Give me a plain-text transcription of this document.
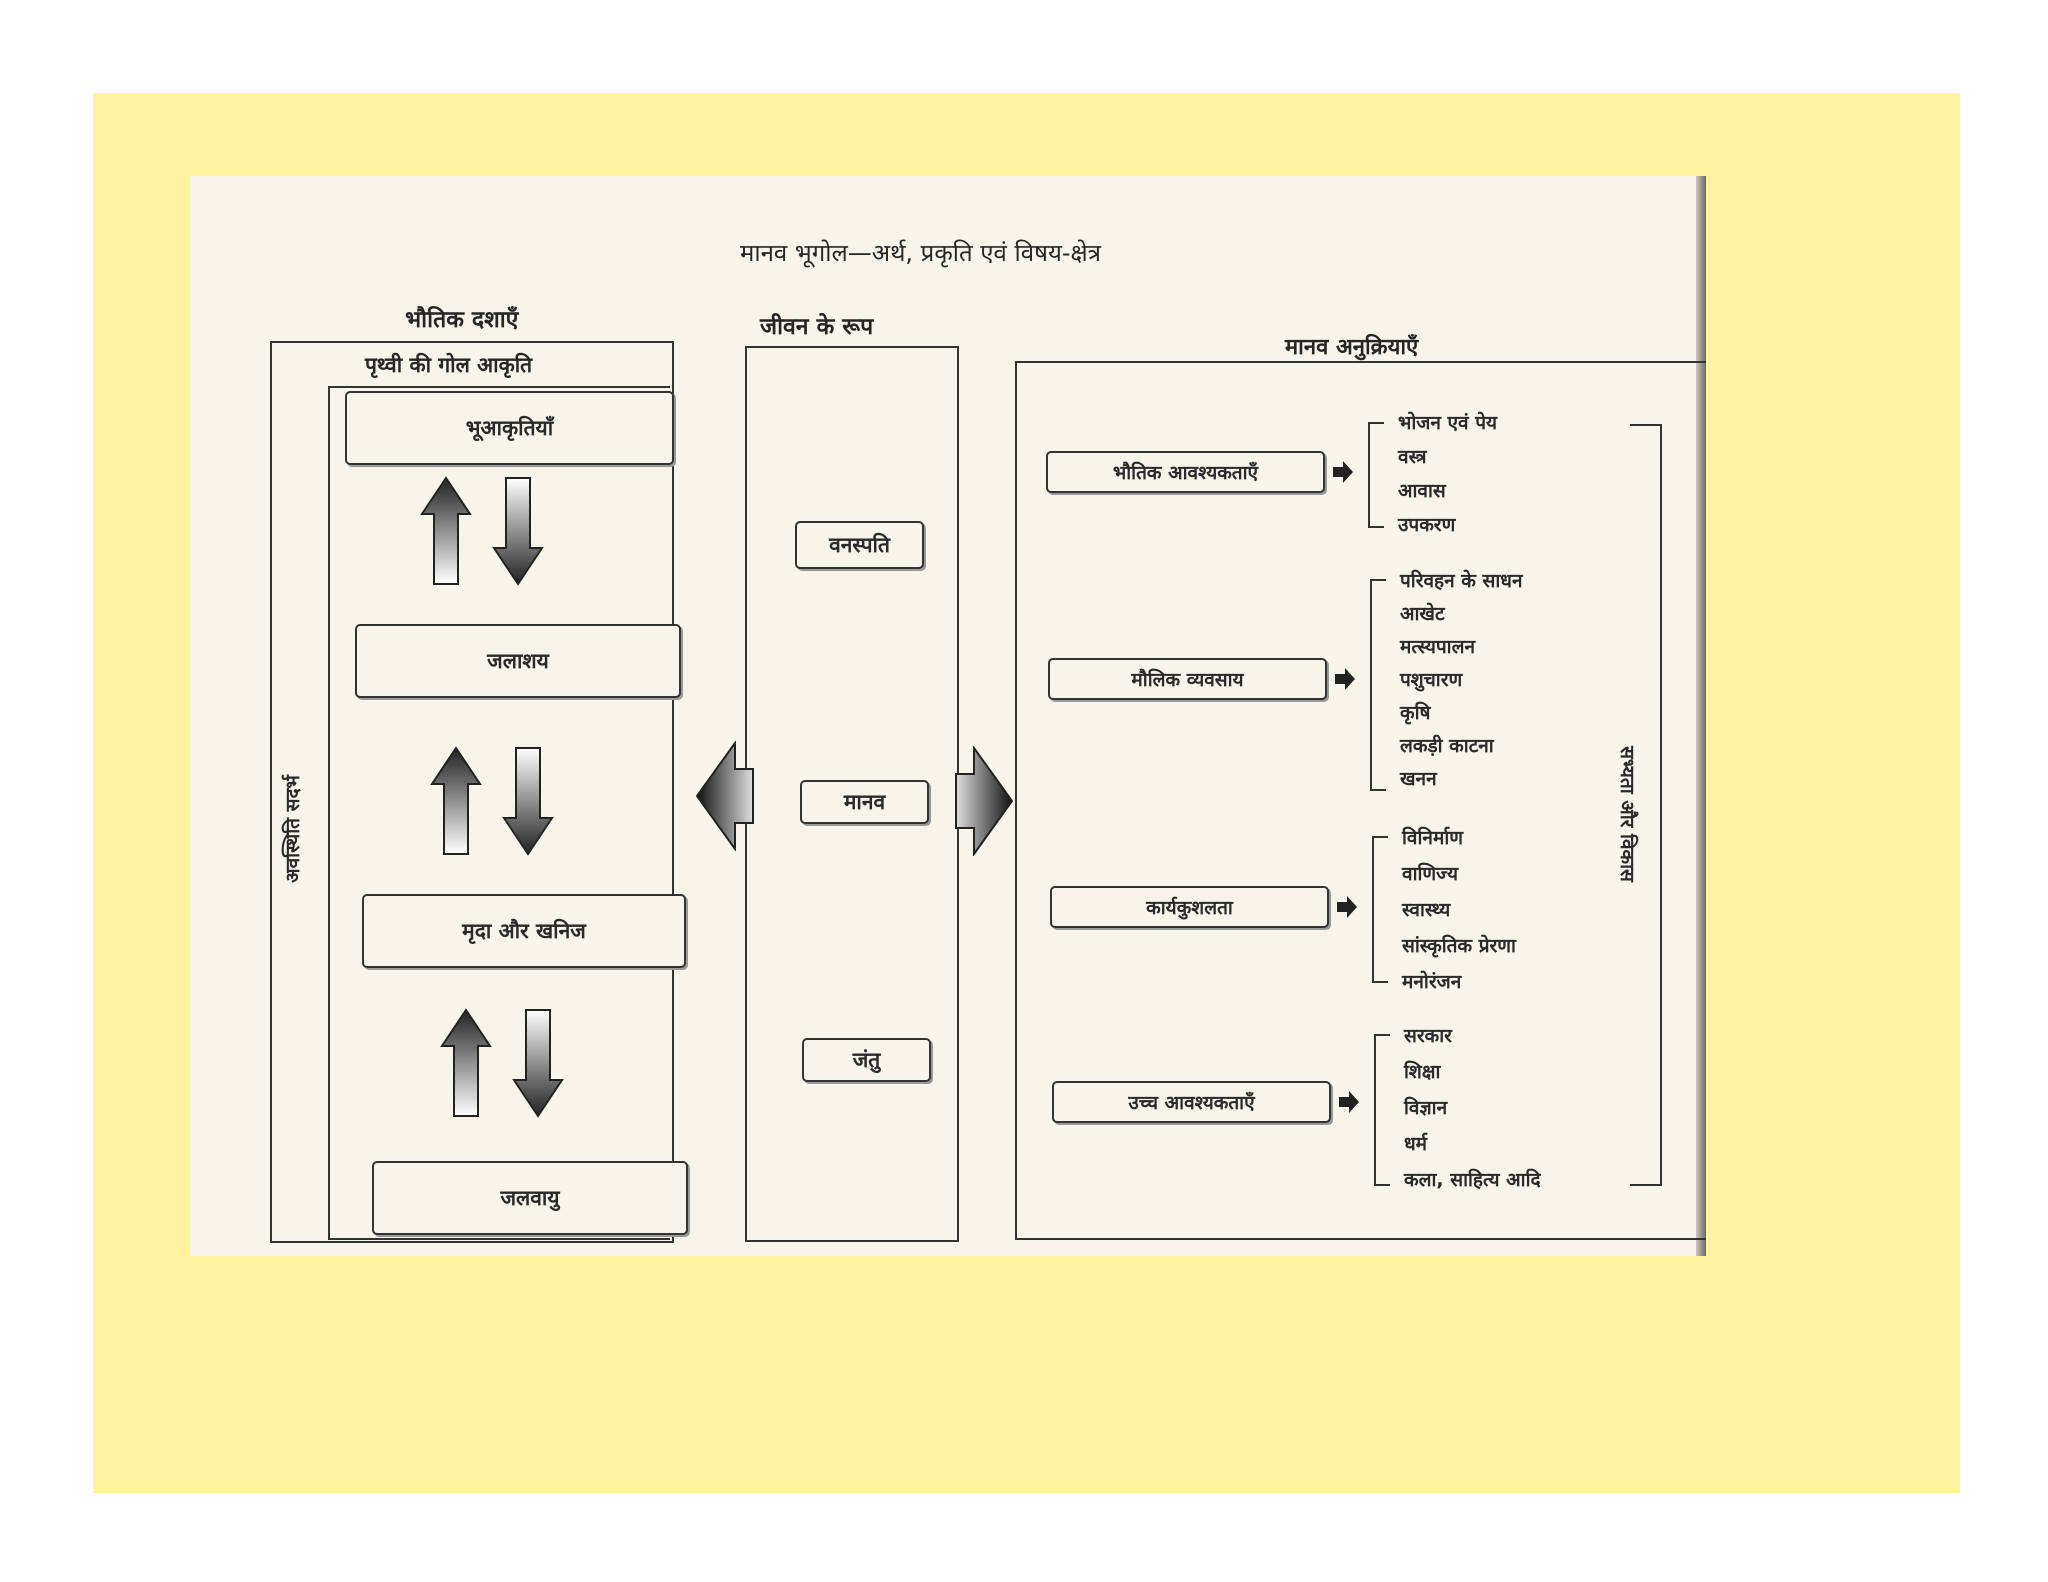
मानव भूगोल—अर्थ, प्रकृति एवं विषय-क्षेत्र
भौतिक दशाएँ
पृथ्वी की गोल आकृति
अवस्थिति सदर्भ
भूआकृतियाँ
जलाशय
मृदा और खनिज
जलवायु
जीवन के रूप
वनस्पति
मानव
जंतु
मानव अनुक्रियाएँ
सभ्यता और विकास
भौतिक आवश्यकताएँ
भोजन एवं पेय
वस्त्र
आवास
उपकरण
मौलिक व्यवसाय
परिवहन के साधन
आखेट
मत्स्यपालन
पशुचारण
कृषि
लकड़ी काटना
खनन
कार्यकुशलता
विनिर्माण
वाणिज्य
स्वास्थ्य
सांस्कृतिक प्रेरणा
मनोरंजन
उच्च आवश्यकताएँ
सरकार
शिक्षा
विज्ञान
धर्म
कला, साहित्य आदि
